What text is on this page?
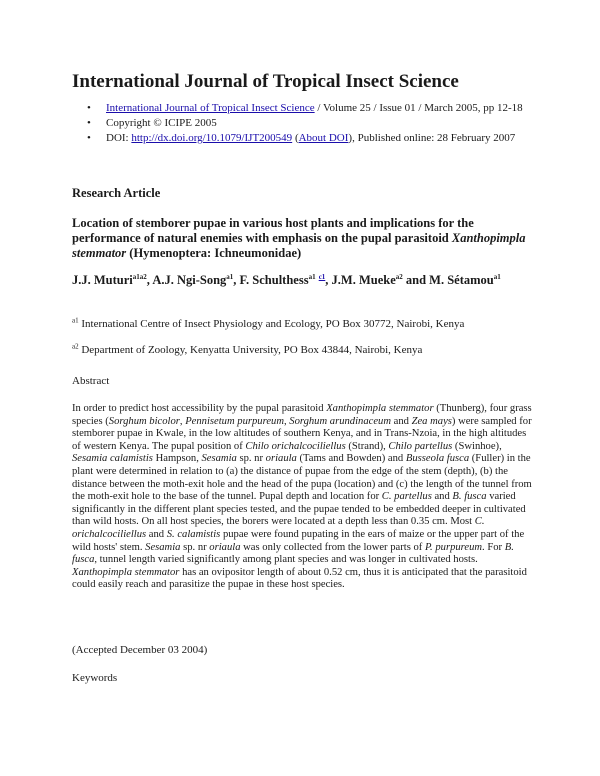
International Journal of Tropical Insect Science
• International Journal of Tropical Insect Science / Volume 25 / Issue 01 / March 2005, pp 12-18
• Copyright © ICIPE 2005
• DOI: http://dx.doi.org/10.1079/IJT200549 (About DOI), Published online: 28 February 2007
Research Article
Location of stemborer pupae in various host plants and implications for the performance of natural enemies with emphasis on the pupal parasitoid Xanthopimpla stemmator (Hymenoptera: Ichneumonidae)

J.J. Muturi$^{a1a2}$, A.J. Ngi-Song$^{a1}$, F. Schulthess$^{a1}$ $^{c1}$, J.M. Mueke$^{a2}$ and M. Sétamou$^{a1}$

$^{a1}$ International Centre of Insect Physiology and Ecology, PO Box 30772, Nairobi, Kenya

$^{a2}$ Department of Zoology, Kenyatta University, PO Box 43844, Nairobi, Kenya

Abstract

In order to predict host accessibility by the pupal parasitoid Xanthopimpla stemmator (Thunberg), four grass species (Sorghum bicolor, Pennisetum purpureum, Sorghum arundinaceum and Zea mays) were sampled for stemborer pupae in Kwale, in the low altitudes of southern Kenya, and in Trans-Nzoia, in the high altitudes of western Kenya. The pupal position of Chilo orichalcociliellus (Strand), Chilo partellus (Swinhoe), Sesamia calamistis Hampson, Sesamia sp. nr oriaula (Tams and Bowden) and Busseola fusca (Fuller) in the plant were determined in relation to (a) the distance of pupae from the edge of the stem (depth), (b) the distance between the moth-exit hole and the head of the pupa (location) and (c) the length of the tunnel from the moth-exit hole to the base of the tunnel. Pupal depth and location for C. partellus and B. fusca varied significantly in the different plant species tested, and the pupae tended to be embedded deeper in cultivated than wild hosts. On all host species, the borers were located at a depth less than 0.35 cm. Most C. orichalcociliellus and S. calamistis pupae were found pupating in the ears of maize or the upper part of the wild hosts' stem. Sesamia sp. nr oriaula was only collected from the lower parts of P. purpureum. For B. fusca, tunnel length varied significantly among plant species and was longer in cultivated hosts. Xanthopimpla stemmator has an ovipositor length of about 0.52 cm, thus it is anticipated that the parasitoid could easily reach and parasitize the pupae in these host species.

(Accepted December 03 2004)

Keywords
